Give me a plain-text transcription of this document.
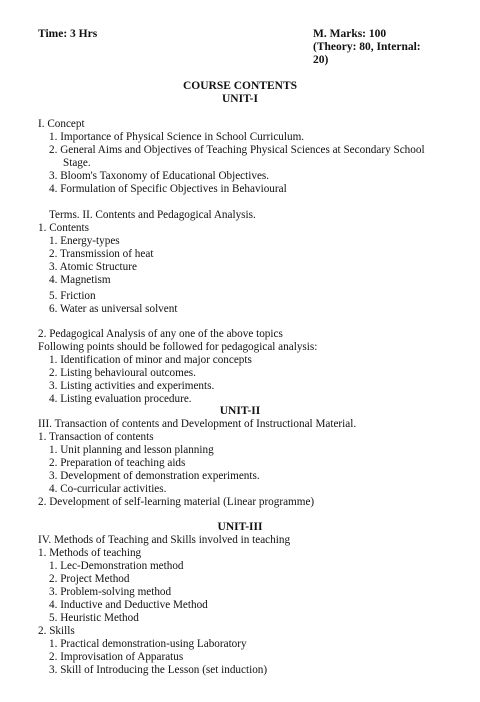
Time: 3 Hrs	M. Marks: 100
(Theory: 80, Internal:
20)
COURSE CONTENTS
UNIT-I
I. Concept
1. Importance of Physical Science in School Curriculum.
2. General Aims and Objectives of Teaching Physical Sciences at Secondary School
Stage.
3. Bloom's Taxonomy of Educational Objectives.
4. Formulation of Specific Objectives in Behavioural
Terms. II. Contents and Pedagogical Analysis.
1. Contents
1. Energy-types
2. Transmission of heat
3. Atomic Structure
4. Magnetism
5. Friction
6. Water as universal solvent
2. Pedagogical Analysis of any one of the above topics
Following points should be followed for pedagogical analysis:
1. Identification of minor and major concepts
2. Listing behavioural outcomes.
3. Listing activities and experiments.
4. Listing evaluation procedure.
UNIT-II
III. Transaction of contents and Development of Instructional Material.
1. Transaction of contents
1. Unit planning and lesson planning
2. Preparation of teaching aids
3. Development of demonstration experiments.
4. Co-curricular activities.
2. Development of self-learning material (Linear programme)
UNIT-III
IV. Methods of Teaching and Skills involved in teaching
1. Methods of teaching
1. Lec-Demonstration method
2. Project Method
3. Problem-solving method
4. Inductive and Deductive Method
5. Heuristic Method
2. Skills
1. Practical demonstration-using Laboratory
2. Improvisation of Apparatus
3. Skill of Introducing the Lesson (set induction)
